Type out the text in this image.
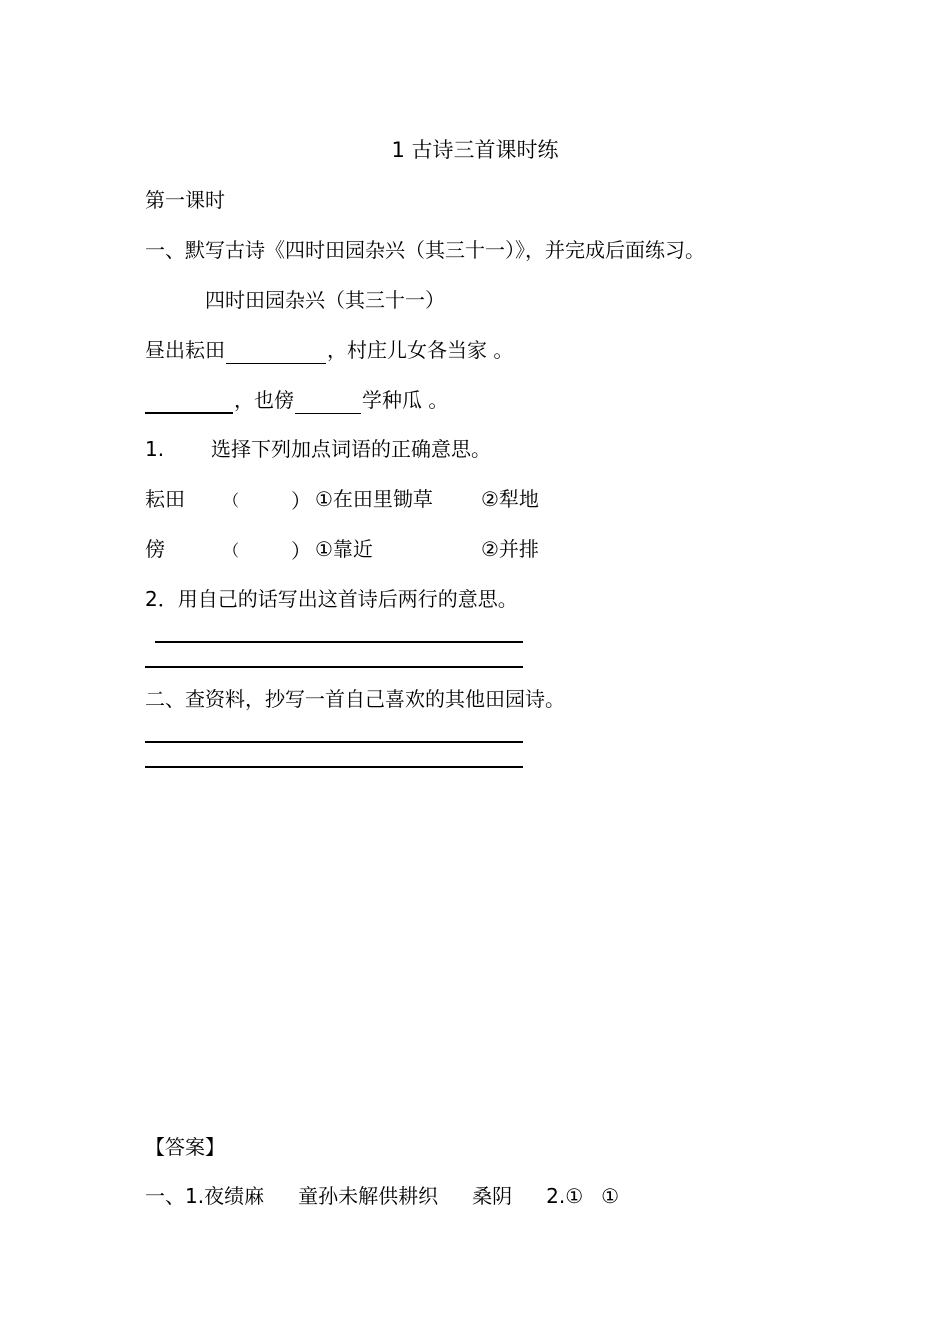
1 古诗三首课时练
第一课时
一、默写古诗《四时田园杂兴（其三十一）》，并完成后面练习。
四时田园杂兴（其三十一）
昼出耘田	，村庄儿女各当家 。
，也傍	学种瓜 。
1. 选择下列加点词语的正确意思。
耘田 （	） ①在田里锄草 ②犁地
傍	（	） ①靠近	②并排
2．用自己的话写出这首诗后两行的意思。
二、查资料，抄写一首自己喜欢的其他田园诗。
【答案】
一、1.夜绩麻 童孙未解供耕织 桑阴 2.① ①
